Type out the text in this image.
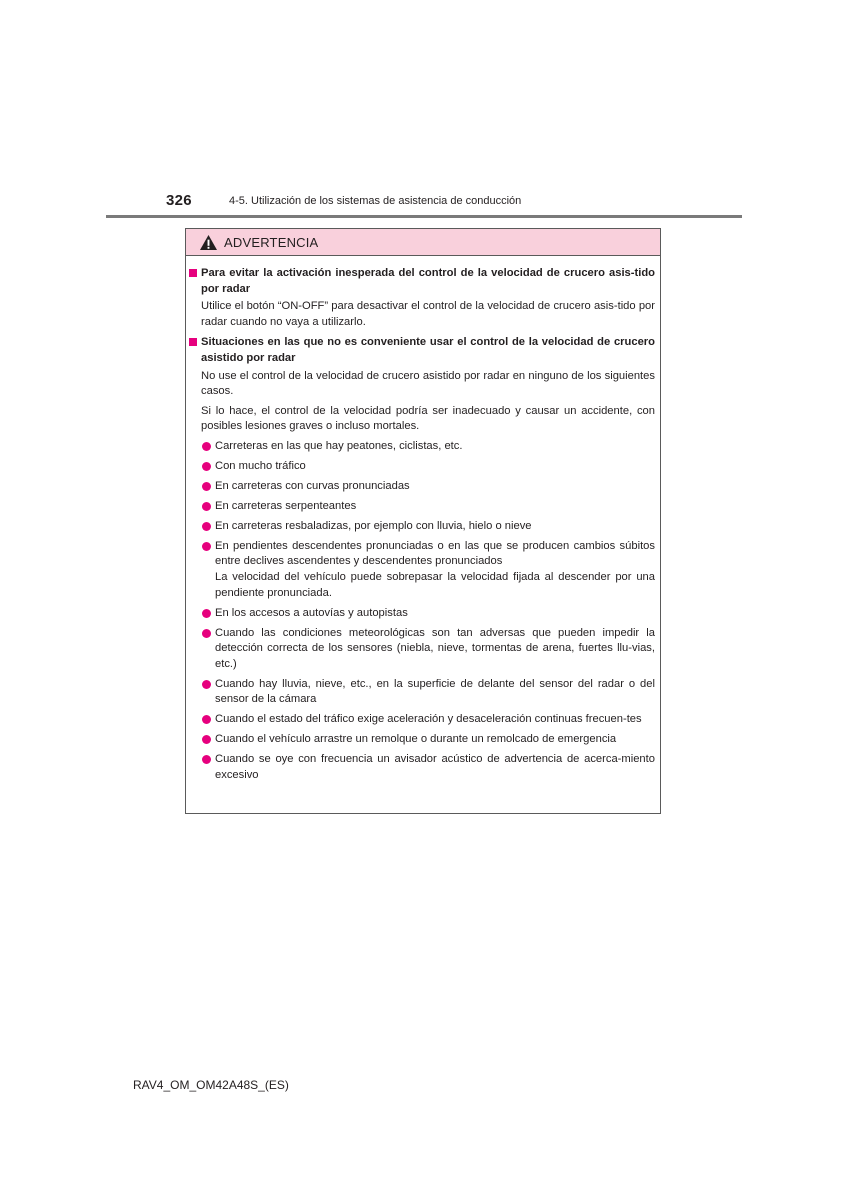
326	4-5. Utilización de los sistemas de asistencia de conducción
ADVERTENCIA
Para evitar la activación inesperada del control de la velocidad de crucero asis-tido por radar
Utilice el botón “ON-OFF” para desactivar el control de la velocidad de crucero asis-tido por radar cuando no vaya a utilizarlo.
Situaciones en las que no es conveniente usar el control de la velocidad de crucero asistido por radar
No use el control de la velocidad de crucero asistido por radar en ninguno de los siguientes casos.
Si lo hace, el control de la velocidad podría ser inadecuado y causar un accidente, con posibles lesiones graves o incluso mortales.
Carreteras en las que hay peatones, ciclistas, etc.
Con mucho tráfico
En carreteras con curvas pronunciadas
En carreteras serpenteantes
En carreteras resbaladizas, por ejemplo con lluvia, hielo o nieve
En pendientes descendentes pronunciadas o en las que se producen cambios súbitos entre declives ascendentes y descendentes pronunciados
La velocidad del vehículo puede sobrepasar la velocidad fijada al descender por una pendiente pronunciada.
En los accesos a autovías y autopistas
Cuando las condiciones meteorológicas son tan adversas que pueden impedir la detección correcta de los sensores (niebla, nieve, tormentas de arena, fuertes llu-vias, etc.)
Cuando hay lluvia, nieve, etc., en la superficie de delante del sensor del radar o del sensor de la cámara
Cuando el estado del tráfico exige aceleración y desaceleración continuas frecuen-tes
Cuando el vehículo arrastre un remolque o durante un remolcado de emergencia
Cuando se oye con frecuencia un avisador acústico de advertencia de acerca-miento excesivo
RAV4_OM_OM42A48S_(ES)
